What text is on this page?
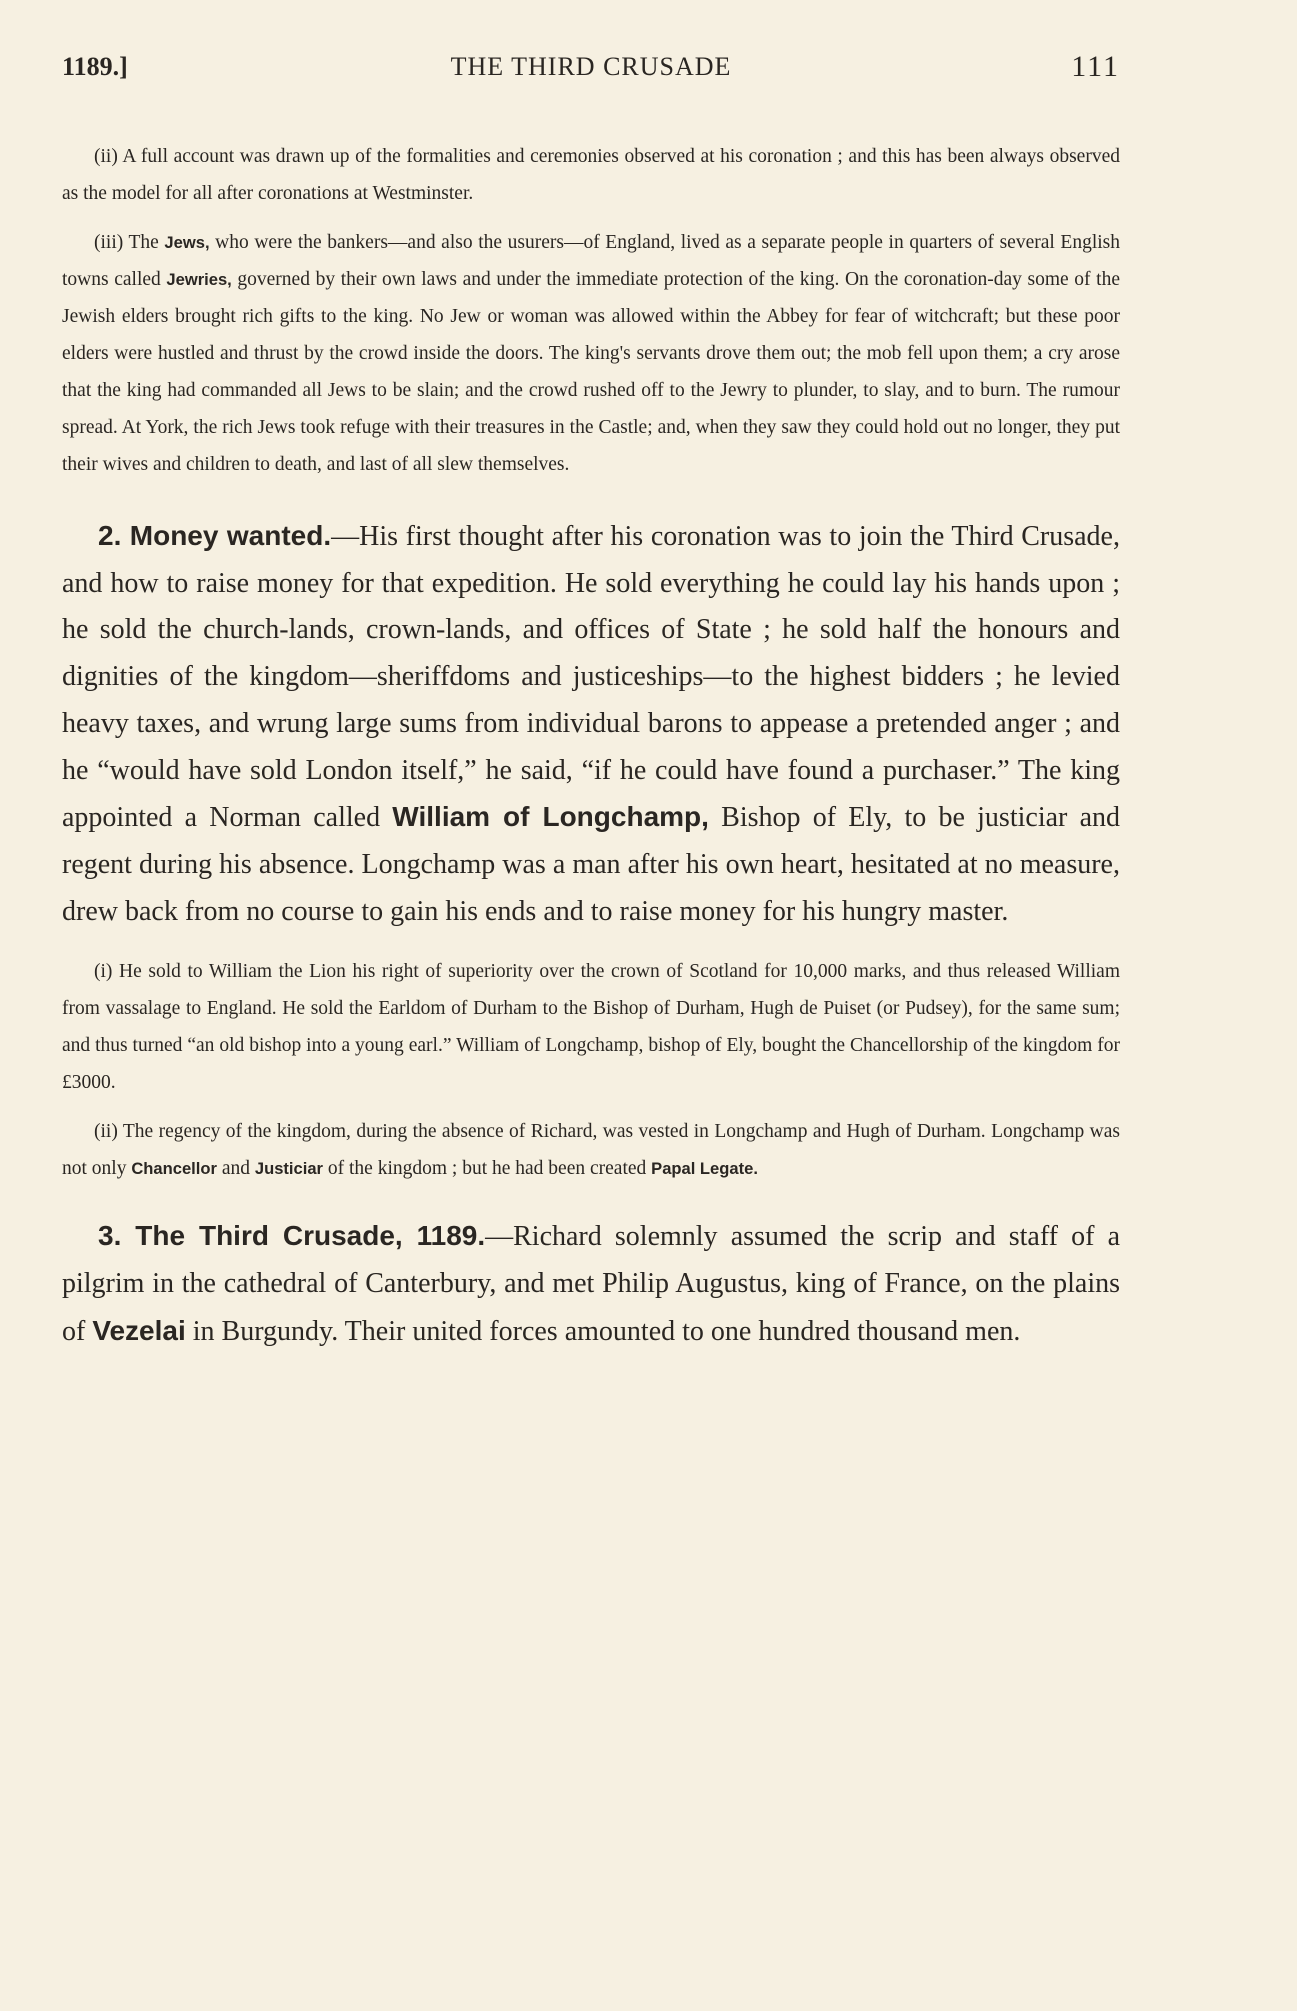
1189.]	THE THIRD CRUSADE	111

(ii) A full account was drawn up of the formalities and ceremonies observed at his coronation ; and this has been always observed as the model for all after coronations at Westminster.

(iii) The Jews, who were the bankers—and also the usurers—of England, lived as a separate people in quarters of several English towns called Jewries, governed by their own laws and under the immediate protection of the king. On the coronation-day some of the Jewish elders brought rich gifts to the king. No Jew or woman was allowed within the Abbey for fear of witchcraft; but these poor elders were hustled and thrust by the crowd inside the doors. The king's servants drove them out; the mob fell upon them; a cry arose that the king had commanded all Jews to be slain; and the crowd rushed off to the Jewry to plunder, to slay, and to burn. The rumour spread. At York, the rich Jews took refuge with their treasures in the Castle; and, when they saw they could hold out no longer, they put their wives and children to death, and last of all slew themselves.

2. Money wanted.—His first thought after his coronation was to join the Third Crusade, and how to raise money for that expedition. He sold everything he could lay his hands upon ; he sold the church-lands, crown-lands, and offices of State ; he sold half the honours and dignities of the kingdom—sheriffdoms and justiceships—to the highest bidders ; he levied heavy taxes, and wrung large sums from individual barons to appease a pretended anger ; and he “would have sold London itself,” he said, “if he could have found a purchaser.” The king appointed a Norman called William of Longchamp, Bishop of Ely, to be justiciar and regent during his absence. Longchamp was a man after his own heart, hesitated at no measure, drew back from no course to gain his ends and to raise money for his hungry master.

(i) He sold to William the Lion his right of superiority over the crown of Scotland for 10,000 marks, and thus released William from vassalage to England. He sold the Earldom of Durham to the Bishop of Durham, Hugh de Puiset (or Pudsey), for the same sum; and thus turned “an old bishop into a young earl.” William of Longchamp, bishop of Ely, bought the Chancellorship of the kingdom for £3000.

(ii) The regency of the kingdom, during the absence of Richard, was vested in Longchamp and Hugh of Durham. Longchamp was not only Chancellor and Justiciar of the kingdom ; but he had been created Papal Legate.

3. The Third Crusade, 1189.—Richard solemnly assumed the scrip and staff of a pilgrim in the cathedral of Canterbury, and met Philip Augustus, king of France, on the plains of Vezelai in Burgundy. Their united forces amounted to one hundred thousand men.
